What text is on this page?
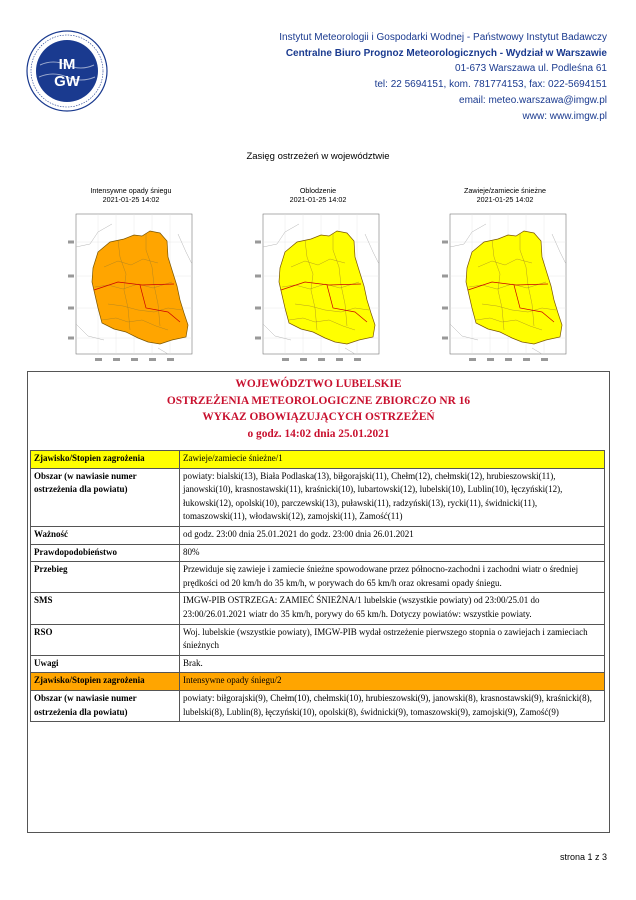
IM
GW
Instytut Meteorologii i Gospodarki Wodnej - Państwowy Instytut Badawczy
Centralne Biuro Prognoz Meteorologicznych - Wydział w Warszawie
01-673 Warszawa ul. Podleśna 61
tel: 22 5694151, kom. 781774153, fax: 022-5694151
email: meteo.warszawa@imgw.pl
www: www.imgw.pl
Zasięg ostrzeżeń w województwie
Intensywne opady śniegu
2021-01-25 14:02
Oblodzenie
2021-01-25 14:02
Zawieje/zamiecie śnieżne
2021-01-25 14:02
WOJEWÓDZTWO LUBELSKIE
OSTRZEŻENIA METEOROLOGICZNE ZBIORCZO NR 16
WYKAZ OBOWIĄZUJĄCYCH OSTRZEŻEŃ
o godz. 14:02 dnia 25.01.2021
Zjawisko/Stopien zagrożenia	Zawieje/zamiecie śnieżne/1
Obszar (w nawiasie numer ostrzeżenia dla powiatu)	powiaty: bialski(13), Biała Podlaska(13), biłgorajski(11), Chełm(12), chełmski(12), hrubieszowski(11), janowski(10), krasnostawski(11), kraśnicki(10), lubartowski(12), lubelski(10), Lublin(10), łęczyński(12), łukowski(12), opolski(10), parczewski(13), puławski(11), radzyński(13), rycki(11), świdnicki(11), tomaszowski(11), włodawski(12), zamojski(11), Zamość(11)
Ważność	od godz. 23:00 dnia 25.01.2021 do godz. 23:00 dnia 26.01.2021
Prawdopodobieństwo	80%
Przebieg	Przewiduje się zawieje i zamiecie śnieżne spowodowane przez północno-zachodni i zachodni wiatr o średniej prędkości od 20 km/h do 35 km/h, w porywach do 65 km/h oraz okresami opady śniegu.
SMS	IMGW-PIB OSTRZEGA: ZAMIEĆ ŚNIEŻNA/1 lubelskie (wszystkie powiaty) od 23:00/25.01 do 23:00/26.01.2021 wiatr do 35 km/h, porywy do 65 km/h. Dotyczy powiatów: wszystkie powiaty.
RSO	Woj. lubelskie (wszystkie powiaty), IMGW-PIB wydał ostrzeżenie pierwszego stopnia o zawiejach i zamieciach śnieżnych
Uwagi	Brak.
Zjawisko/Stopien zagrożenia	Intensywne opady śniegu/2
Obszar (w nawiasie numer ostrzeżenia dla powiatu)	powiaty: biłgorajski(9), Chełm(10), chełmski(10), hrubieszowski(9), janowski(8), krasnostawski(9), kraśnicki(8), lubelski(8), Lublin(8), łęczyński(10), opolski(8), świdnicki(9), tomaszowski(9), zamojski(9), Zamość(9)
strona 1 z 3
